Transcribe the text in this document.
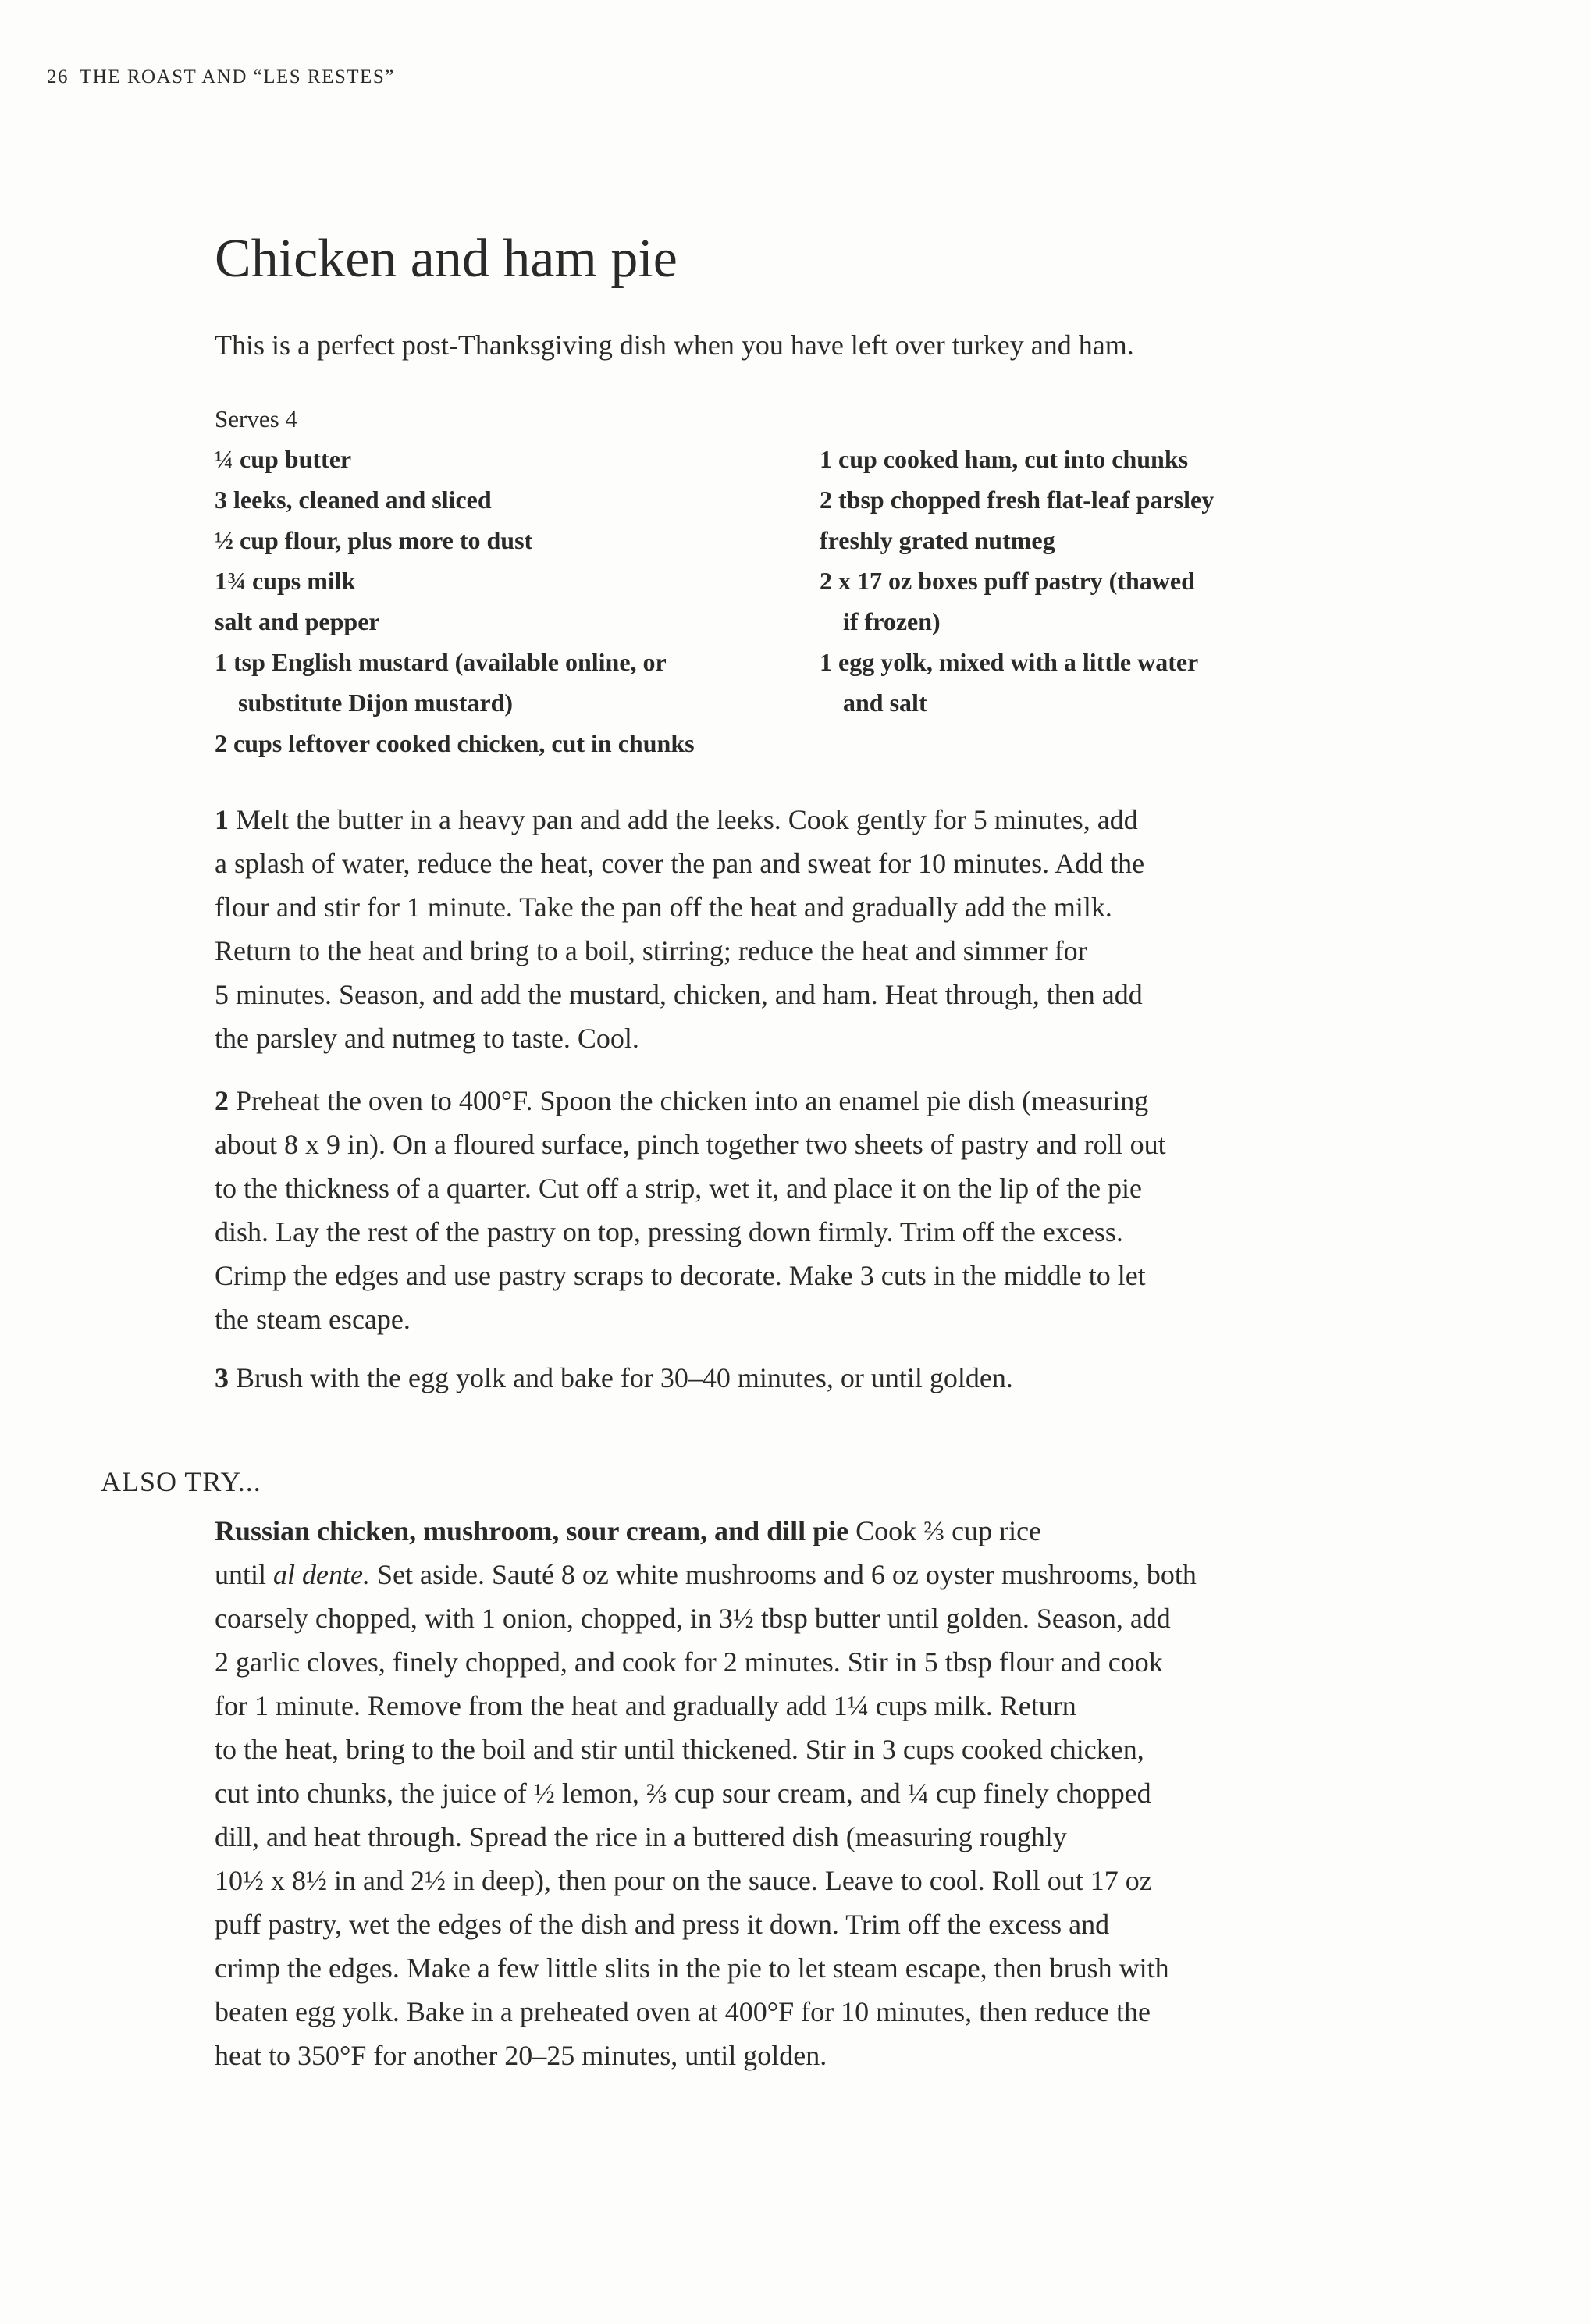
26 THE ROAST AND “LES RESTES”
Chicken and ham pie
This is a perfect post-Thanksgiving dish when you have left over turkey and ham.
Serves 4
¼ cup butter
3 leeks, cleaned and sliced
½ cup flour, plus more to dust
1¾ cups milk
salt and pepper
1 tsp English mustard (available online, or
substitute Dijon mustard)
2 cups leftover cooked chicken, cut in chunks
1 cup cooked ham, cut into chunks
2 tbsp chopped fresh flat-leaf parsley
freshly grated nutmeg
2 x 17 oz boxes puff pastry (thawed
if frozen)
1 egg yolk, mixed with a little water
and salt
1 Melt the butter in a heavy pan and add the leeks. Cook gently for 5 minutes, add
a splash of water, reduce the heat, cover the pan and sweat for 10 minutes. Add the
flour and stir for 1 minute. Take the pan off the heat and gradually add the milk.
Return to the heat and bring to a boil, stirring; reduce the heat and simmer for
5 minutes. Season, and add the mustard, chicken, and ham. Heat through, then add
the parsley and nutmeg to taste. Cool.
2 Preheat the oven to 400°F. Spoon the chicken into an enamel pie dish (measuring
about 8 x 9 in). On a floured surface, pinch together two sheets of pastry and roll out
to the thickness of a quarter. Cut off a strip, wet it, and place it on the lip of the pie
dish. Lay the rest of the pastry on top, pressing down firmly. Trim off the excess.
Crimp the edges and use pastry scraps to decorate. Make 3 cuts in the middle to let
the steam escape.
3 Brush with the egg yolk and bake for 30–40 minutes, or until golden.
ALSO TRY...
Russian chicken, mushroom, sour cream, and dill pie Cook ⅔ cup rice
until al dente. Set aside. Sauté 8 oz white mushrooms and 6 oz oyster mushrooms, both
coarsely chopped, with 1 onion, chopped, in 3½ tbsp butter until golden. Season, add
2 garlic cloves, finely chopped, and cook for 2 minutes. Stir in 5 tbsp flour and cook
for 1 minute. Remove from the heat and gradually add 1¼ cups milk. Return
to the heat, bring to the boil and stir until thickened. Stir in 3 cups cooked chicken,
cut into chunks, the juice of ½ lemon, ⅔ cup sour cream, and ¼ cup finely chopped
dill, and heat through. Spread the rice in a buttered dish (measuring roughly
10½ x 8½ in and 2½ in deep), then pour on the sauce. Leave to cool. Roll out 17 oz
puff pastry, wet the edges of the dish and press it down. Trim off the excess and
crimp the edges. Make a few little slits in the pie to let steam escape, then brush with
beaten egg yolk. Bake in a preheated oven at 400°F for 10 minutes, then reduce the
heat to 350°F for another 20–25 minutes, until golden.
